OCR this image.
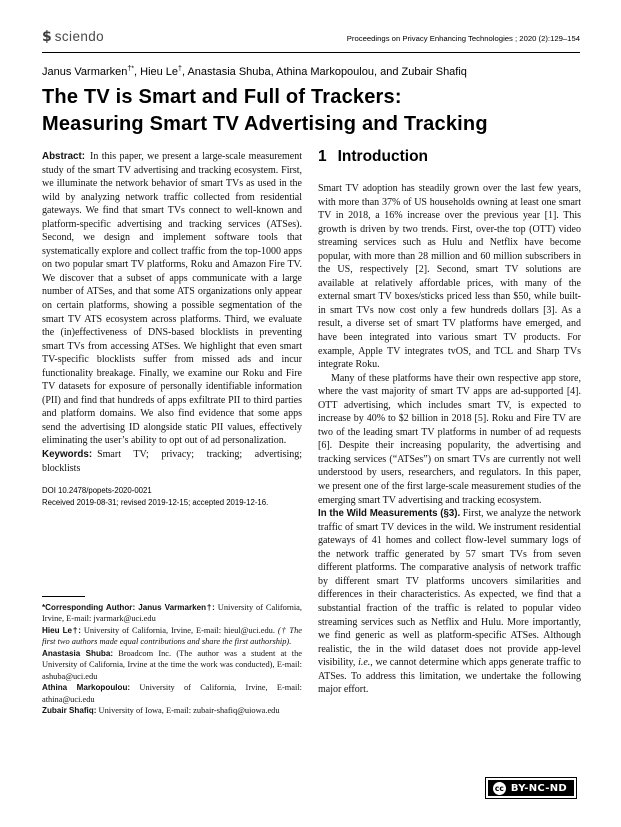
$ sciendo	Proceedings on Privacy Enhancing Technologies ; 2020 (2):129–154
Janus Varmarken†*, Hieu Le†, Anastasia Shuba, Athina Markopoulou, and Zubair Shafiq
The TV is Smart and Full of Trackers:
Measuring Smart TV Advertising and Tracking

Abstract: In this paper, we present a large-scale measurement study of the smart TV advertising and tracking ecosystem. First, we illuminate the network behavior of smart TVs as used in the wild by analyzing network traffic collected from residential gateways. We find that smart TVs connect to well-known and platform-specific advertising and tracking services (ATSes). Second, we design and implement software tools that systematically explore and collect traffic from the top-1000 apps on two popular smart TV platforms, Roku and Amazon Fire TV. We discover that a subset of apps communicate with a large number of ATSes, and that some ATS organizations only appear on certain platforms, showing a possible segmentation of the smart TV ATS ecosystem across platforms. Third, we evaluate the (in)effectiveness of DNS-based blocklists in preventing smart TVs from accessing ATSes. We highlight that even smart TV-specific blocklists suffer from missed ads and incur functionality breakage. Finally, we examine our Roku and Fire TV datasets for exposure of personally identifiable information (PII) and find that hundreds of apps exfiltrate PII to third parties and platform domains. We also find evidence that some apps send the advertising ID alongside static PII values, effectively eliminating the user’s ability to opt out of ad personalization.

Keywords: Smart TV; privacy; tracking; advertising; blocklists

DOI 10.2478/popets-2020-0021
Received 2019-08-31; revised 2019-12-15; accepted 2019-12-16.

*Corresponding Author: Janus Varmarken†: University of California, Irvine, E-mail: jvarmark@uci.edu

Hieu Le†: University of California, Irvine, E-mail: hieul@uci.edu. († The first two authors made equal contributions and share the first authorship).

Anastasia Shuba: Broadcom Inc. (The author was a student at the University of California, Irvine at the time the work was conducted), E-mail: ashuba@uci.edu

Athina Markopoulou: University of California, Irvine, E-mail: athina@uci.edu

Zubair Shafiq: University of Iowa, E-mail: zubair-shafiq@uiowa.edu

1 Introduction

Smart TV adoption has steadily grown over the last few years, with more than 37% of US households owning at least one smart TV in 2018, a 16% increase over the previous year [1]. This growth is driven by two trends. First, over-the top (OTT) video streaming services such as Hulu and Netflix have become popular, with more than 28 million and 60 million subscribers in the US, respectively [2]. Second, smart TV solutions are available at relatively affordable prices, with many of the external smart TV boxes/sticks priced less than $50, while built-in smart TVs now cost only a few hundreds dollars [3]. As a result, a diverse set of smart TV platforms have emerged, and have been integrated into various smart TV products. For example, Apple TV integrates tvOS, and TCL and Sharp TVs integrate Roku.

Many of these platforms have their own respective app store, where the vast majority of smart TV apps are ad-supported [4]. OTT advertising, which includes smart TV, is expected to increase by 40% to $2 billion in 2018 [5]. Roku and Fire TV are two of the leading smart TV platforms in number of ad requests [6]. Despite their increasing popularity, the advertising and tracking services (“ATSes”) on smart TVs are currently not well understood by users, researchers, and regulators. In this paper, we present one of the first large-scale measurement studies of the emerging smart TV advertising and tracking ecosystem.

In the Wild Measurements (§3). First, we analyze the network traffic of smart TV devices in the wild. We instrument residential gateways of 41 homes and collect flow-level summary logs of the network traffic generated by 57 smart TVs from seven different platforms. The comparative analysis of network traffic by different smart TV platforms uncovers similarities and differences in their characteristics. As expected, we find that a substantial fraction of the traffic is related to popular video streaming services such as Netflix and Hulu. More importantly, we find generic as well as platform-specific ATSes. Although realistic, the in the wild dataset does not provide app-level visibility, i.e., we cannot determine which apps generate traffic to ATSes. To address this limitation, we undertake the following major effort.

cc BY-NC-ND
